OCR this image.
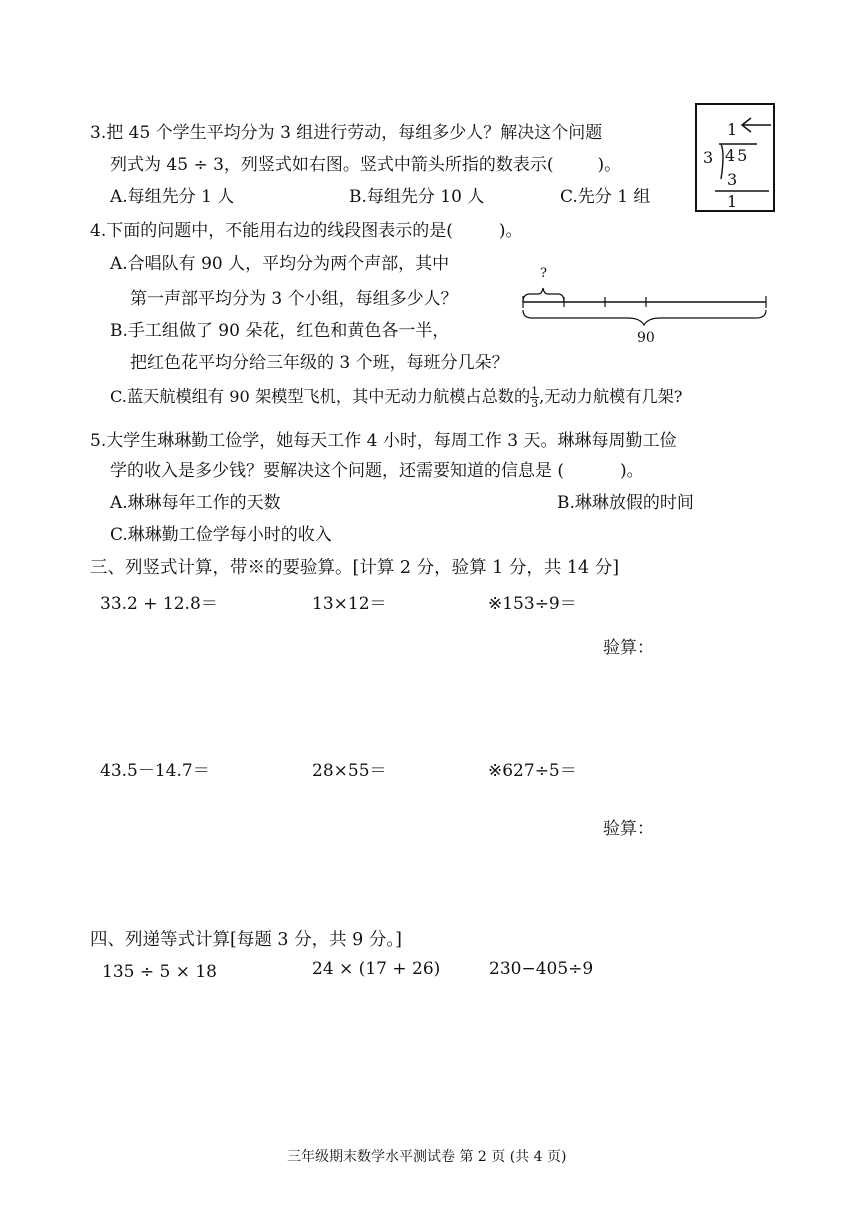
3.把 45 个学生平均分为 3 组进行劳动，每组多少人？解决这个问题
列式为 45 ÷ 3，列竖式如右图。竖式中箭头所指的数表示(	)。
A.每组先分 1 人	B.每组先分 10 人	C.先分 1 组
1
3 45
3
1
4.下面的问题中，不能用右边的线段图表示的是(	)。
A.合唱队有 90 人，平均分为两个声部，其中
第一声部平均分为 3 个小组，每组多少人？
B.手工组做了 90 朵花，红色和黄色各一半，
把红色花平均分给三年级的 3 个班，每班分几朵？
C.蓝天航模组有 90 架模型飞机，其中无动力航模占总数的 $\frac{1}{3}$ ,无动力航模有几架?
?
90
5.大学生琳琳勤工俭学，她每天工作 4 小时，每周工作 3 天。琳琳每周勤工俭
学的收入是多少钱？要解决这个问题，还需要知道的信息是 (	)。
A.琳琳每年工作的天数	B.琳琳放假的时间
C.琳琳勤工俭学每小时的收入
三、列竖式计算，带※的要验算。[计算 2 分，验算 1 分，共 14 分]
33.2 + 12.8＝	13×12＝	※153÷9＝
验算：
43.5－14.7＝	28×55＝	※627÷5＝
验算：
四、列递等式计算[每题 3 分，共 9 分。]
135 ÷ 5 × 18	24 × (17 + 26)	230−405÷9
三年级期末数学水平测试卷 第 2 页 (共 4 页)
